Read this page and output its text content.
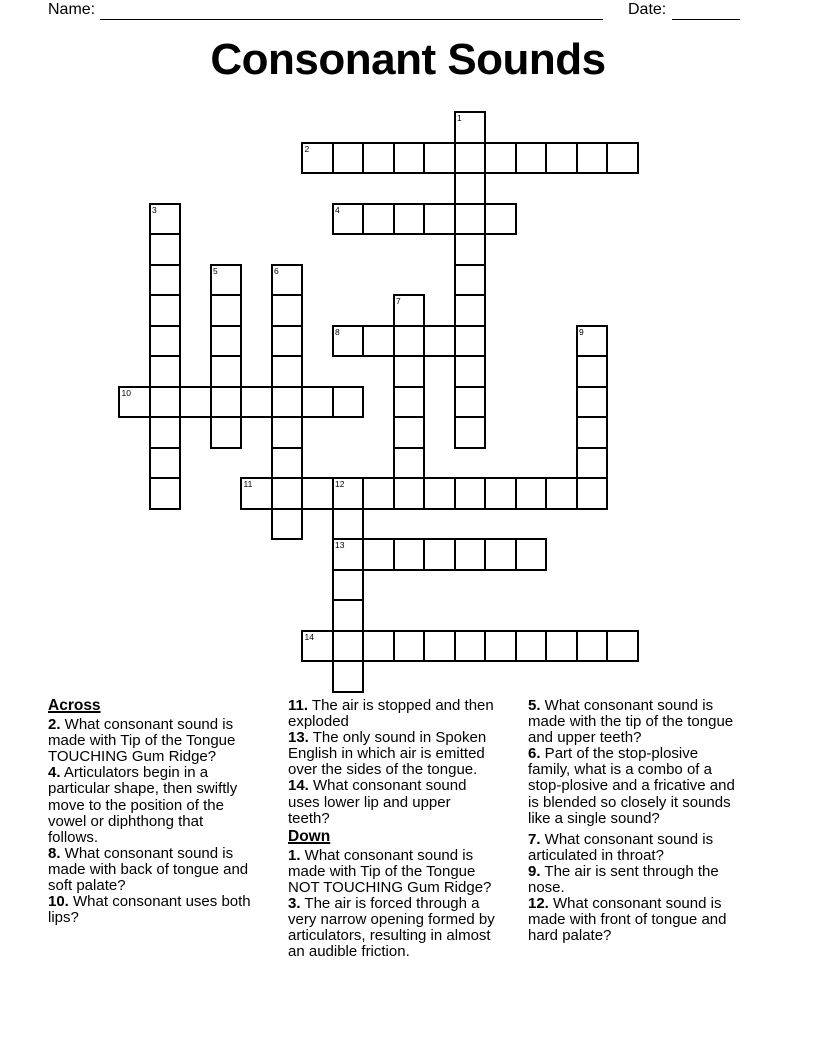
Name:	Date:
Consonant Sounds
1
2
3	4
5	6
7
8	9
10
11	12
13
14

Across

2. What consonant sound is made with Tip of the Tongue TOUCHING Gum Ridge?

4. Articulators begin in a particular shape, then swiftly move to the position of the vowel or diphthong that follows.

8. What consonant sound is made with back of tongue and soft palate?

10. What consonant uses both lips?

11. The air is stopped and then exploded

13. The only sound in Spoken English in which air is emitted over the sides of the tongue.

14. What consonant sound uses lower lip and upper teeth?

Down

1. What consonant sound is made with Tip of the Tongue NOT TOUCHING Gum Ridge?

3. The air is forced through a very narrow opening formed by articulators, resulting in almost an audible friction.

5. What consonant sound is made with the tip of the tongue and upper teeth?

6. Part of the stop-plosive family, what is a combo of a stop-plosive and a fricative and is blended so closely it sounds like a single sound?

7. What consonant sound is articulated in throat?

9. The air is sent through the nose.

12. What consonant sound is made with front of tongue and hard palate?
